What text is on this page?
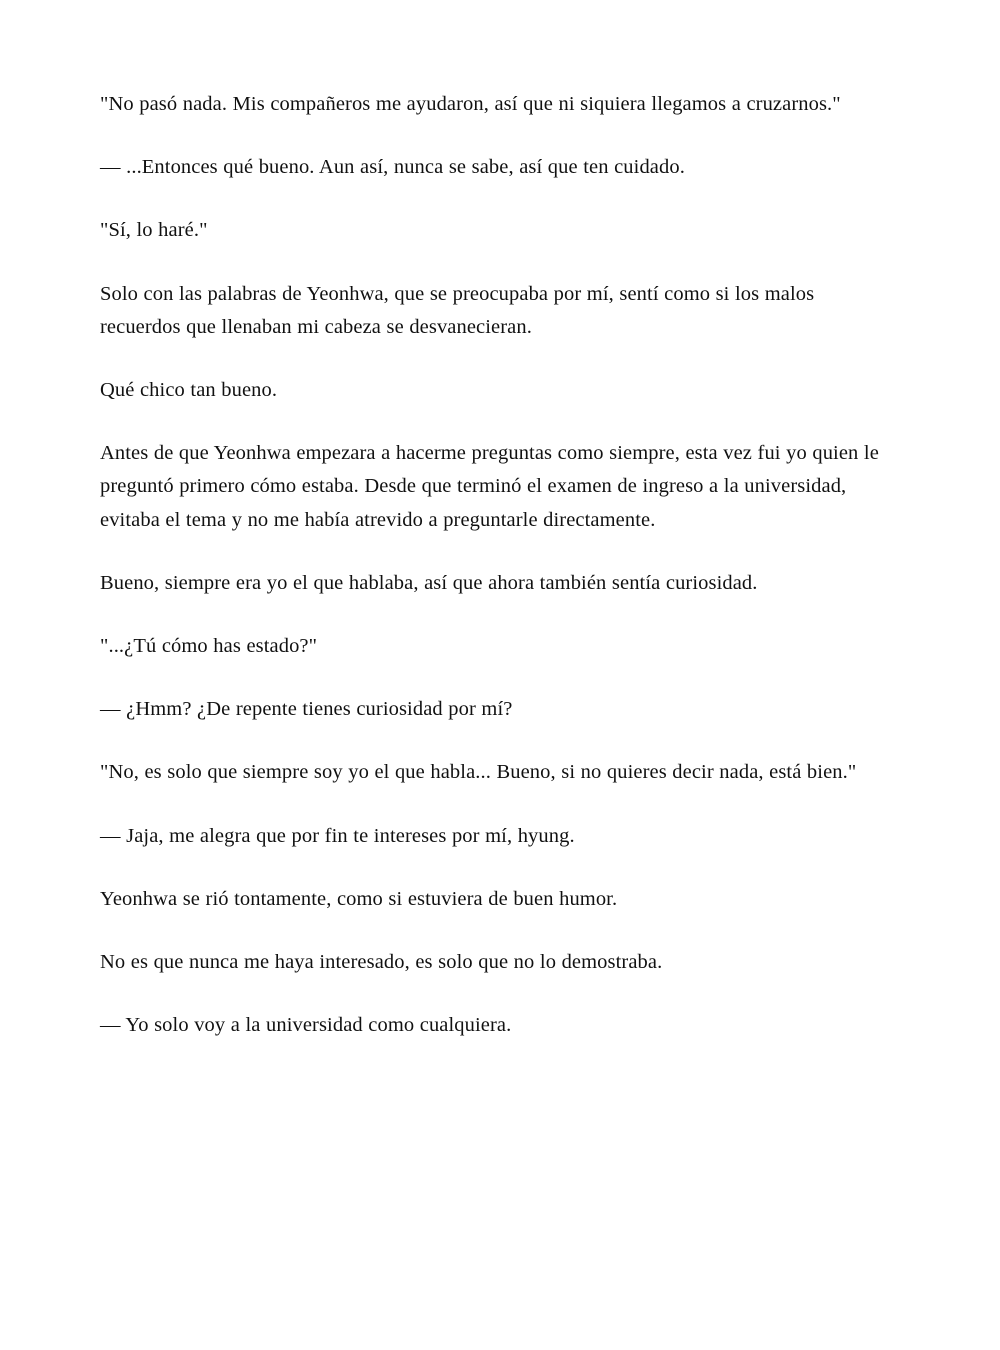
"No pasó nada. Mis compañeros me ayudaron, así que ni siquiera llegamos a cruzarnos."

— ...Entonces qué bueno. Aun así, nunca se sabe, así que ten cuidado.

"Sí, lo haré."

Solo con las palabras de Yeonhwa, que se preocupaba por mí, sentí como si los malos recuerdos que llenaban mi cabeza se desvanecieran.

Qué chico tan bueno.

Antes de que Yeonhwa empezara a hacerme preguntas como siempre, esta vez fui yo quien le preguntó primero cómo estaba. Desde que terminó el examen de ingreso a la universidad, evitaba el tema y no me había atrevido a preguntarle directamente.

Bueno, siempre era yo el que hablaba, así que ahora también sentía curiosidad.

"...¿Tú cómo has estado?"

— ¿Hmm? ¿De repente tienes curiosidad por mí?

"No, es solo que siempre soy yo el que habla... Bueno, si no quieres decir nada, está bien."

— Jaja, me alegra que por fin te intereses por mí, hyung.

Yeonhwa se rió tontamente, como si estuviera de buen humor.

No es que nunca me haya interesado, es solo que no lo demostraba.

— Yo solo voy a la universidad como cualquiera.
